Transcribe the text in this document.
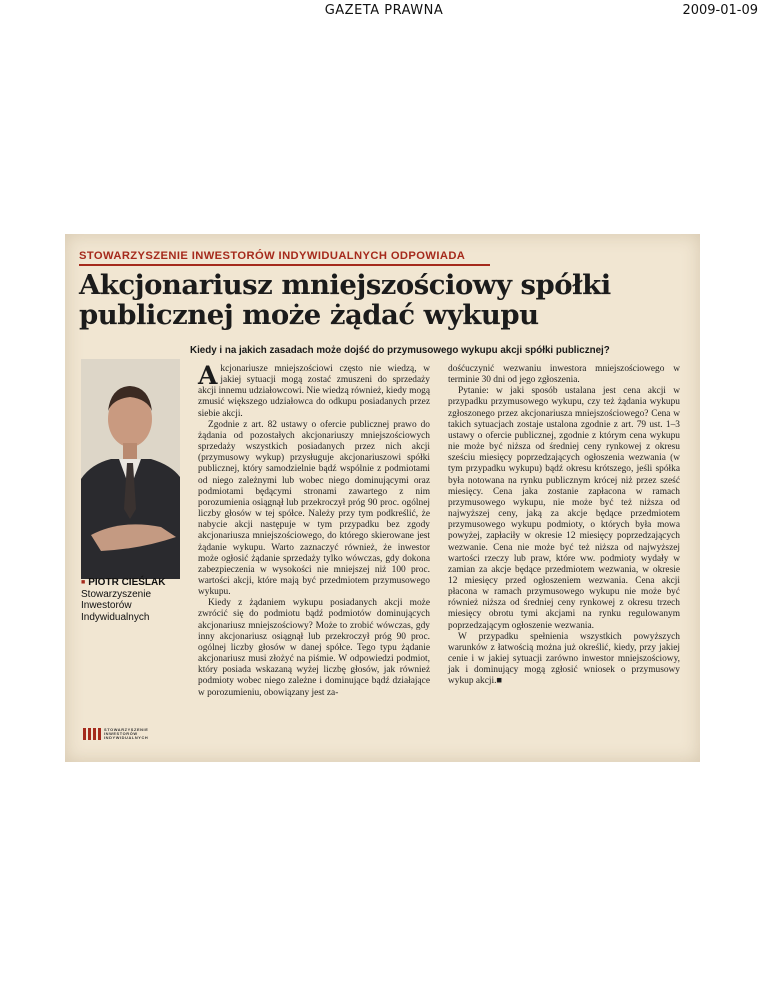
GAZETA PRAWNA	2009-01-09
STOWARZYSZENIE INWESTORÓW INDYWIDUALNYCH ODPOWIADA
Akcjonariusz mniejszościowy spółki publicznej może żądać wykupu
Kiedy i na jakich zasadach może dojść do przymusowego wykupu akcji spółki publicznej?
■ PIOTR CIEŚLAK
Stowarzyszenie Inwestorów Indywidualnych
STOWARZYSZENIE
INWESTORÓW
INDYWIDUALNYCH

Akcjonariusze mniejszościowi często nie wiedzą, w jakiej sytuacji mogą zostać zmuszeni do sprzedaży akcji innemu udziałowcowi. Nie wiedzą również, kiedy mogą zmusić większego udziałowca do odkupu posiadanych przez siebie akcji.

Zgodnie z art. 82 ustawy o ofercie publicznej prawo do żądania od pozostałych akcjonariuszy mniejszościowych sprzedaży wszystkich posiadanych przez nich akcji (przymusowy wykup) przysługuje akcjonariuszowi spółki publicznej, który samodzielnie bądź wspólnie z podmiotami od niego zależnymi lub wobec niego dominującymi oraz podmiotami będącymi stronami zawartego z nim porozumienia osiągnął lub przekroczył próg 90 proc. ogólnej liczby głosów w tej spółce. Należy przy tym podkreślić, że nabycie akcji następuje w tym przypadku bez zgody akcjonariusza mniejszościowego, do którego skierowane jest żądanie wykupu. Warto zaznaczyć również, że inwestor może ogłosić żądanie sprzedaży tylko wówczas, gdy dokona zabezpieczenia w wysokości nie mniejszej niż 100 proc. wartości akcji, które mają być przedmiotem przymusowego wykupu.

Kiedy z żądaniem wykupu posiadanych akcji może zwrócić się do podmiotu bądź podmiotów dominujących akcjonariusz mniejszościowy? Może to zrobić wówczas, gdy inny akcjonariusz osiągnął lub przekroczył próg 90 proc. ogólnej liczby głosów w danej spółce. Tego typu żądanie akcjonariusz musi złożyć na piśmie. W odpowiedzi podmiot, który posiada wskazaną wyżej liczbę głosów, jak również podmioty wobec niego zależne i dominujące bądź działające w porozumieniu, obowiązany jest za-

dośćuczynić wezwaniu inwestora mniejszościowego w terminie 30 dni od jego zgłoszenia.

Pytanie: w jaki sposób ustalana jest cena akcji w przypadku przymusowego wykupu, czy też żądania wykupu zgłoszonego przez akcjonariusza mniejszościowego? Cena w takich sytuacjach zostaje ustalona zgodnie z art. 79 ust. 1–3 ustawy o ofercie publicznej, zgodnie z którym cena wykupu nie może być niższa od średniej ceny rynkowej z okresu sześciu miesięcy poprzedzających ogłoszenia wezwania (w tym przypadku wykupu) bądź okresu krótszego, jeśli spółka była notowana na rynku publicznym krócej niż przez sześć miesięcy. Cena jaka zostanie zapłacona w ramach przymusowego wykupu, nie może być też niższa od najwyższej ceny, jaką za akcje będące przedmiotem przymusowego wykupu podmioty, o których była mowa powyżej, zapłaciły w okresie 12 miesięcy poprzedzających wezwanie. Cena nie może być też niższa od najwyższej wartości rzeczy lub praw, które ww. podmioty wydały w zamian za akcje będące przedmiotem wezwania, w okresie 12 miesięcy przed ogłoszeniem wezwania. Cena akcji płacona w ramach przymusowego wykupu nie może być również niższa od średniej ceny rynkowej z okresu trzech miesięcy obrotu tymi akcjami na rynku regulowanym poprzedzającym ogłoszenie wezwania.

W przypadku spełnienia wszystkich powyższych warunków z łatwością można już określić, kiedy, przy jakiej cenie i w jakiej sytuacji zarówno inwestor mniejszościowy, jak i dominujący mogą zgłosić wniosek o przymusowy wykup akcji.■
